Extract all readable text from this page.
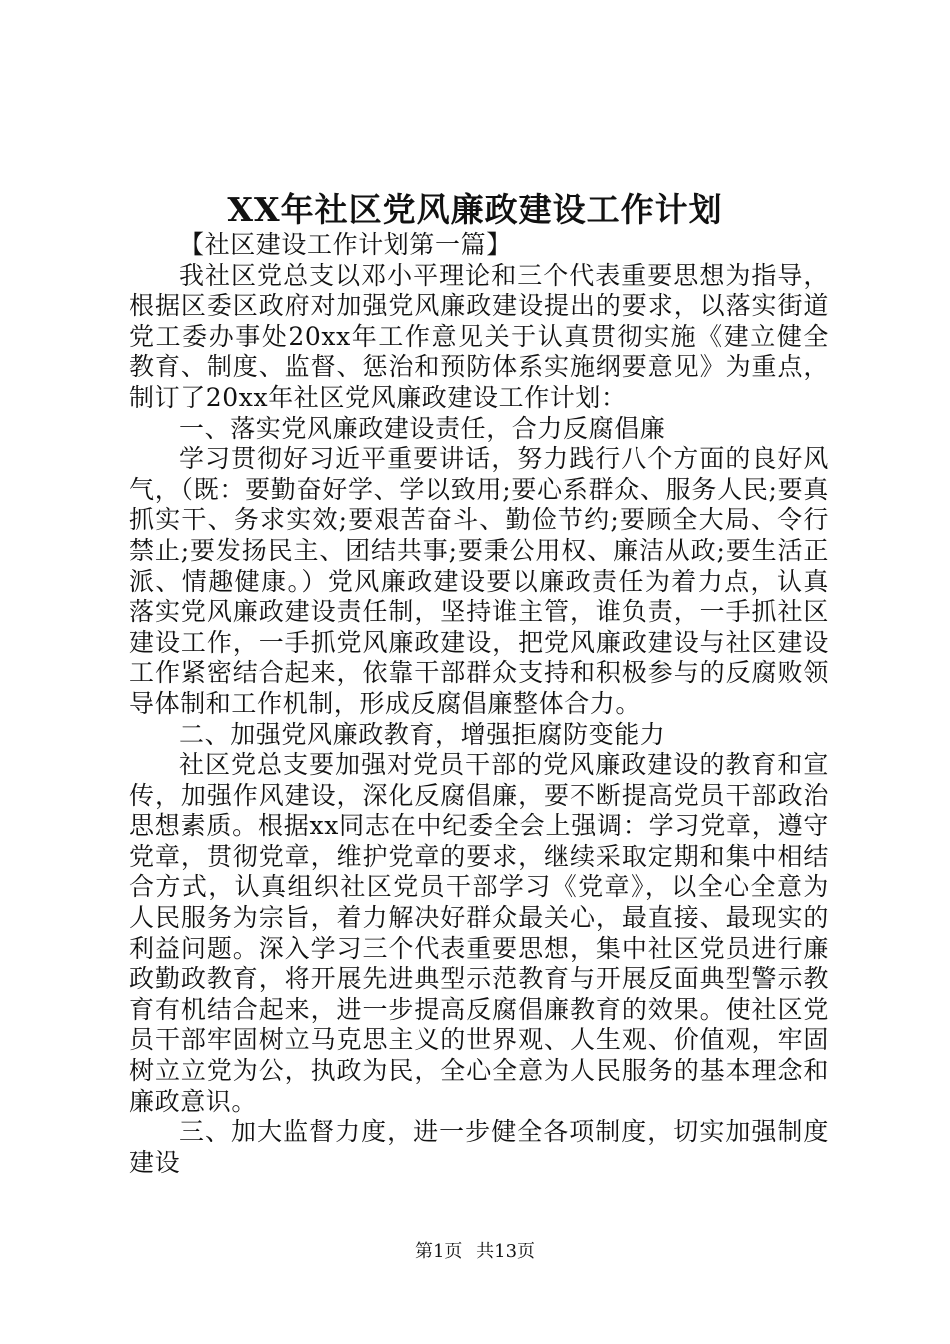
XX年社区党风廉政建设工作计划

【社区建设工作计划第一篇】

我社区党总支以邓小平理论和三个代表重要思想为指导，根据区委区政府对加强党风廉政建设提出的要求，以落实街道党工委办事处20xx年工作意见关于认真贯彻实施《建立健全教育、制度、监督、惩治和预防体系实施纲要意见》为重点，制订了20xx年社区党风廉政建设工作计划：

一、落实党风廉政建设责任，合力反腐倡廉

学习贯彻好习近平重要讲话，努力践行八个方面的良好风气，（既：要勤奋好学、学以致用;要心系群众、服务人民;要真抓实干、务求实效;要艰苦奋斗、勤俭节约;要顾全大局、令行禁止;要发扬民主、团结共事;要秉公用权、廉洁从政;要生活正派、情趣健康。）党风廉政建设要以廉政责任为着力点，认真落实党风廉政建设责任制，坚持谁主管，谁负责，一手抓社区建设工作，一手抓党风廉政建设，把党风廉政建设与社区建设工作紧密结合起来，依靠干部群众支持和积极参与的反腐败领导体制和工作机制，形成反腐倡廉整体合力。

二、加强党风廉政教育，增强拒腐防变能力

社区党总支要加强对党员干部的党风廉政建设的教育和宣传，加强作风建设，深化反腐倡廉，要不断提高党员干部政治思想素质。根据xx同志在中纪委全会上强调：学习党章，遵守党章，贯彻党章，维护党章的要求，继续采取定期和集中相结合方式，认真组织社区党员干部学习《党章》，以全心全意为人民服务为宗旨，着力解决好群众最关心，最直接、最现实的利益问题。深入学习三个代表重要思想，集中社区党员进行廉政勤政教育，将开展先进典型示范教育与开展反面典型警示教育有机结合起来，进一步提高反腐倡廉教育的效果。使社区党员干部牢固树立马克思主义的世界观、人生观、价值观，牢固树立立党为公，执政为民，全心全意为人民服务的基本理念和廉政意识。

三、加大监督力度，进一步健全各项制度，切实加强制度建设

第1页 共13页
